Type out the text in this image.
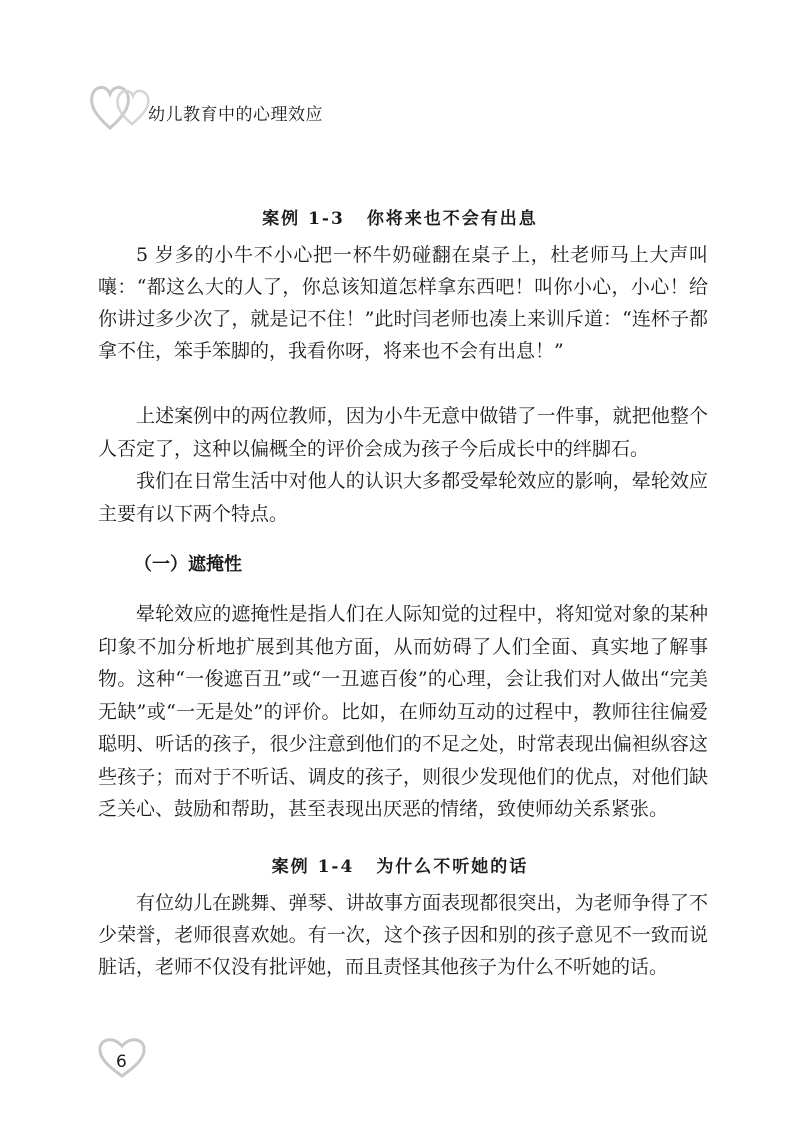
幼儿教育中的心理效应
案例 1-3 你将来也不会有出息

5 岁多的小牛不小心把一杯牛奶碰翻在桌子上，杜老师马上大声叫嚷：“都这么大的人了，你总该知道怎样拿东西吧！叫你小心，小心！给你讲过多少次了，就是记不住！”此时闫老师也凑上来训斥道：“连杯子都拿不住，笨手笨脚的，我看你呀，将来也不会有出息！”

上述案例中的两位教师，因为小牛无意中做错了一件事，就把他整个人否定了，这种以偏概全的评价会成为孩子今后成长中的绊脚石。

我们在日常生活中对他人的认识大多都受晕轮效应的影响，晕轮效应主要有以下两个特点。

（一）遮掩性

晕轮效应的遮掩性是指人们在人际知觉的过程中，将知觉对象的某种印象不加分析地扩展到其他方面，从而妨碍了人们全面、真实地了解事物。这种“一俊遮百丑”或“一丑遮百俊”的心理，会让我们对人做出“完美无缺”或“一无是处”的评价。比如，在师幼互动的过程中，教师往往偏爱聪明、听话的孩子，很少注意到他们的不足之处，时常表现出偏袒纵容这些孩子；而对于不听话、调皮的孩子，则很少发现他们的优点，对他们缺乏关心、鼓励和帮助，甚至表现出厌恶的情绪，致使师幼关系紧张。

案例 1-4 为什么不听她的话

有位幼儿在跳舞、弹琴、讲故事方面表现都很突出，为老师争得了不少荣誉，老师很喜欢她。有一次，这个孩子因和别的孩子意见不一致而说脏话，老师不仅没有批评她，而且责怪其他孩子为什么不听她的话。

6
